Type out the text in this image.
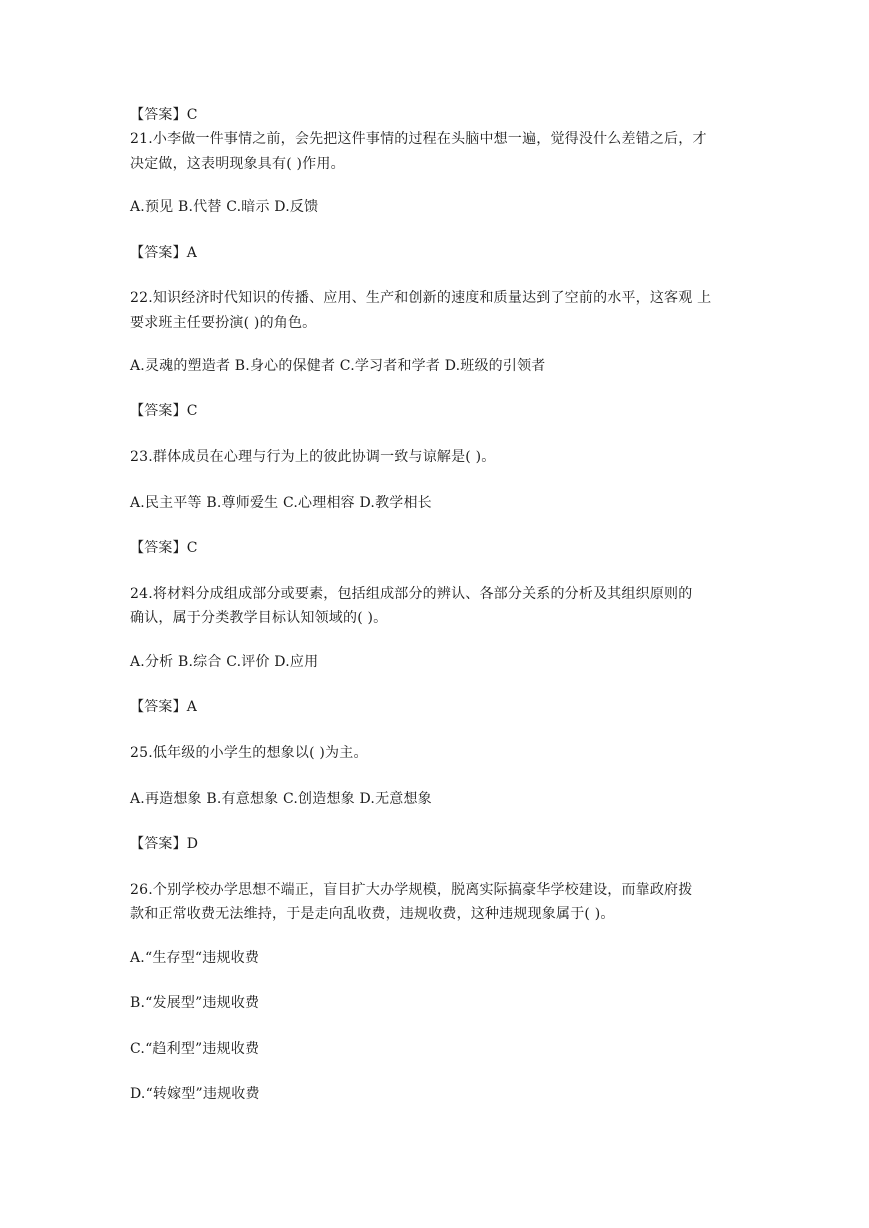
【答案】C
21.小李做一件事情之前，会先把这件事情的过程在头脑中想一遍，觉得没什么差错之后，才
决定做，这表明现象具有( )作用。
A.预见 B.代替 C.暗示 D.反馈
【答案】A
22.知识经济时代知识的传播、应用、生产和创新的速度和质量达到了空前的水平，这客观 上
要求班主任要扮演( )的角色。
A.灵魂的塑造者 B.身心的保健者 C.学习者和学者 D.班级的引领者
【答案】C
23.群体成员在心理与行为上的彼此协调一致与谅解是( )。
A.民主平等 B.尊师爱生 C.心理相容 D.教学相长
【答案】C
24.将材料分成组成部分或要素，包括组成部分的辨认、各部分关系的分析及其组织原则的
确认，属于分类教学目标认知领域的( )。
A.分析 B.综合 C.评价 D.应用
【答案】A
25.低年级的小学生的想象以( )为主。
A.再造想象 B.有意想象 C.创造想象 D.无意想象
【答案】D
26.个别学校办学思想不端正，盲目扩大办学规模，脱离实际搞豪华学校建设，而靠政府拨
款和正常收费无法维持，于是走向乱收费，违规收费，这种违规现象属于( )。
A.“生存型“违规收费
B.“发展型”违规收费
C.“趋利型”违规收费
D.“转嫁型”违规收费
